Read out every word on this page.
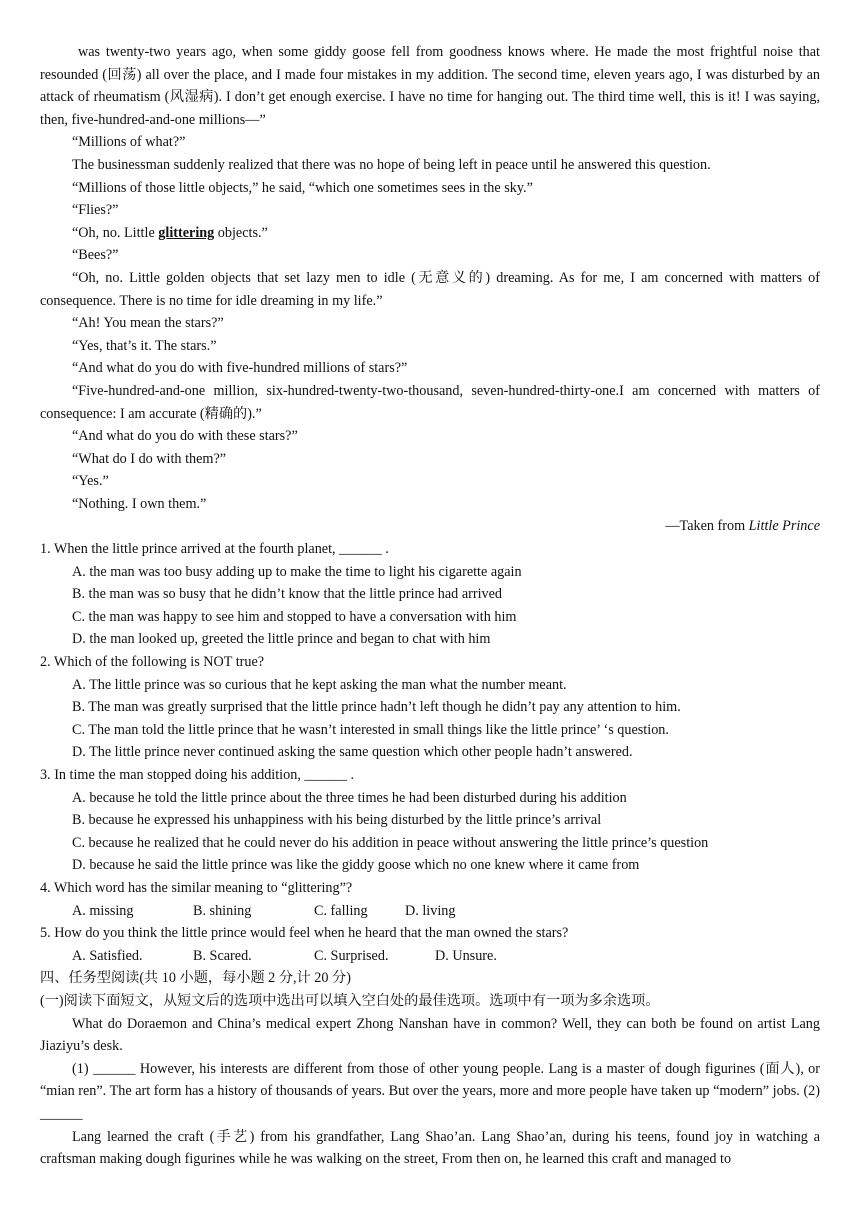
was twenty-two years ago, when some giddy goose fell from goodness knows where. He made the most frightful noise that resounded (回荡) all over the place, and I made four mistakes in my addition. The second time, eleven years ago, I was disturbed by an attack of rheumatism (风湿病). I don’t get enough exercise. I have no time for hanging out. The third time well, this is it! I was saying, then, five-hundred-and-one millions—”

“Millions of what?”

The businessman suddenly realized that there was no hope of being left in peace until he answered this question.

“Millions of those little objects,” he said, “which one sometimes sees in the sky.”

“Flies?”

“Oh, no. Little glittering objects.”

“Bees?”

“Oh, no. Little golden objects that set lazy men to idle (无意义的) dreaming. As for me, I am concerned with matters of consequence. There is no time for idle dreaming in my life.”

“Ah! You mean the stars?”

“Yes, that’s it. The stars.”

“And what do you do with five-hundred millions of stars?”

“Five-hundred-and-one million, six-hundred-twenty-two-thousand, seven-hundred-thirty-one.I am concerned with matters of consequence: I am accurate (精确的).”

“And what do you do with these stars?”

“What do I do with them?”

“Yes.”

“Nothing. I own them.”

—Taken from Little Prince

1. When the little prince arrived at the fourth planet, ______ .

A. the man was too busy adding up to make the time to light his cigarette again

B. the man was so busy that he didn’t know that the little prince had arrived

C. the man was happy to see him and stopped to have a conversation with him

D. the man looked up, greeted the little prince and began to chat with him

2. Which of the following is NOT true?

A. The little prince was so curious that he kept asking the man what the number meant.

B. The man was greatly surprised that the little prince hadn’t left though he didn’t pay any attention to him.

C. The man told the little prince that he wasn’t interested in small things like the little prince’ ‘s question.

D. The little prince never continued asking the same question which other people hadn’t answered.

3. In time the man stopped doing his addition, ______ .

A. because he told the little prince about the three times he had been disturbed during his addition

B. because he expressed his unhappiness with his being disturbed by the little prince’s arrival

C. because he realized that he could never do his addition in peace without answering the little prince’s question

D. because he said the little prince was like the giddy goose which no one knew where it came from

4. Which word has the similar meaning to “glittering”?

A. missing	B. shining	C. falling	D. living

5. How do you think the little prince would feel when he heard that the man owned the stars?

A. Satisfied.	B. Scared.	C. Surprised.	D. Unsure.

四、任务型阅读(共 10 小题，每小题 2 分,计 20 分)

(一)阅读下面短文，从短文后的选项中选出可以填入空白处的最佳选项。选项中有一项为多余选项。

What do Doraemon and China’s medical expert Zhong Nanshan have in common? Well, they can both be found on artist Lang Jiaziyu’s desk.

(1) ______ However, his interests are different from those of other young people. Lang is a master of dough figurines (面人), or “mian ren”. The art form has a history of thousands of years. But over the years, more and more people have taken up “modern” jobs. (2) ______

Lang learned the craft (手艺) from his grandfather, Lang Shao’an. Lang Shao’an, during his teens, found joy in watching a craftsman making dough figurines while he was walking on the street, From then on, he learned this craft and managed to
